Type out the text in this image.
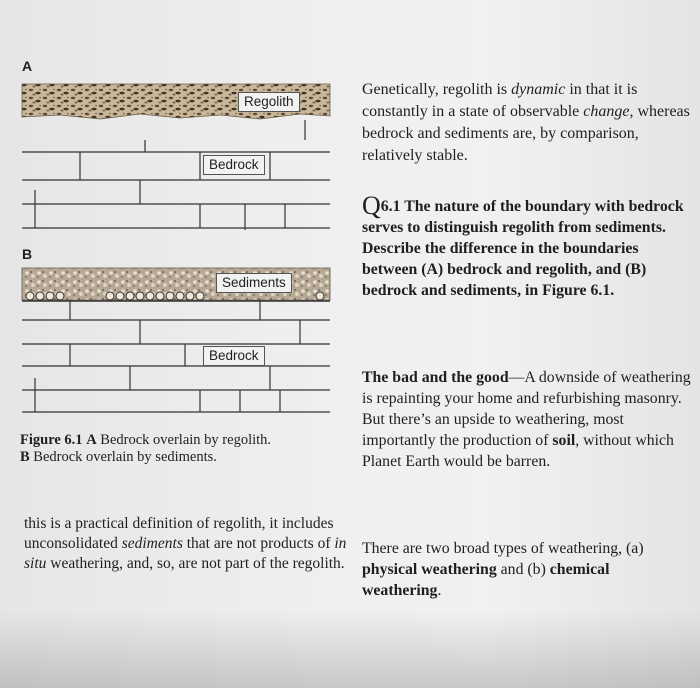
A
B
Regolith
Bedrock
Sediments
Bedrock
Figure 6.1 A Bedrock overlain by regolith.
B Bedrock overlain by sediments.
this is a practical definition of regolith, it includes unconsolidated sediments that are not products of in situ weathering, and, so, are not part of the regolith.
Genetically, regolith is dynamic in that it is constantly in a state of observable change, whereas bedrock and sediments are, by comparison, relatively stable.
Q6.1 The nature of the boundary with bedrock serves to distinguish regolith from sediments. Describe the difference in the boundaries between (A) bedrock and regolith, and (B) bedrock and sediments, in Figure 6.1.
The bad and the good—A downside of weathering is repainting your home and refurbishing masonry. But there’s an upside to weathering, most importantly the production of soil, without which Planet Earth would be barren.
There are two broad types of weathering, (a) physical weathering and (b) chemical weathering.
